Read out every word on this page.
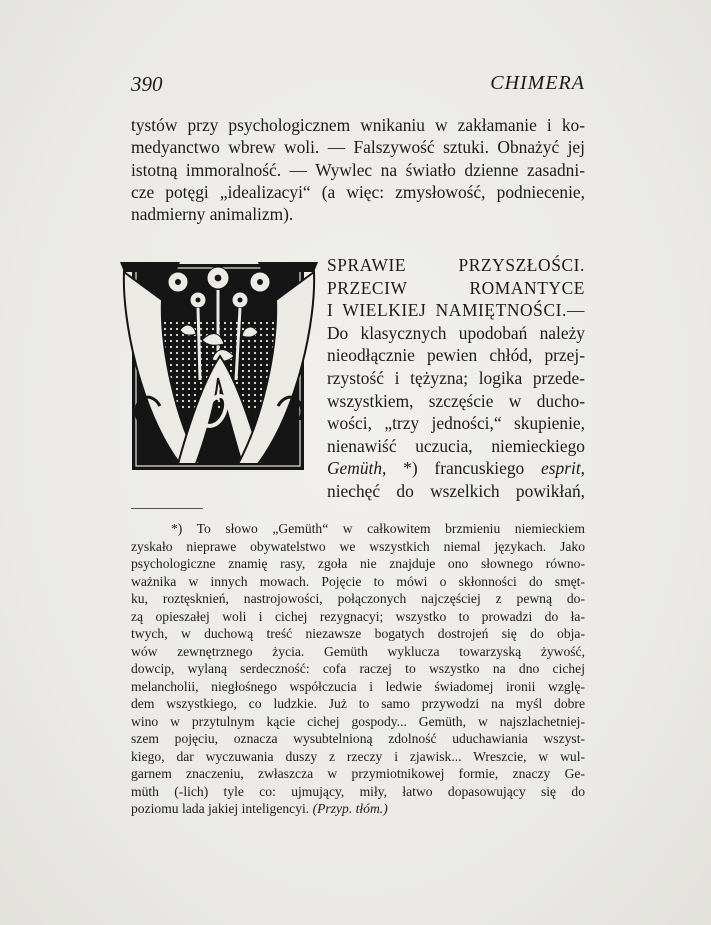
390	CHIMERA
tystów przy psychologicznem wnikaniu w zakłamanie i ko-
medyanctwo wbrew woli. — Falszywość sztuki. Obnażyć jej
istotną immoralność. — Wywlec na światło dzienne zasadni-
cze potęgi „idealizacyi“ (a więc: zmysłowość, podniecenie,
nadmierny animalizm).
SPRAWIE PRZYSZŁOŚCI.
PRZECIW ROMANTYCE
I WIELKIEJ NAMIĘTNOŚCI.—
Do klasycznych upodobań należy
nieodłącznie pewien chłód, przej-
rzystość i tężyzna; logika przede-
wszystkiem, szczęście w ducho-
wości, „trzy jedności,“ skupienie,
nienawiść uczucia, niemieckiego
Gemüth, *) francuskiego esprit,
niechęć do wszelkich powikłań,
*) To słowo „Gemüth“ w całkowitem brzmieniu niemieckiem
zyskało nieprawe obywatelstwo we wszystkich niemal językach. Jako
psychologiczne znamię rasy, zgoła nie znajduje ono słownego równo-
ważnika w innych mowach. Pojęcie to mówi o skłonności do smęt-
ku, roztęsknień, nastrojowości, połączonych najczęściej z pewną do-
zą opieszałej woli i cichej rezygnacyi; wszystko to prowadzi do ła-
twych, w duchową treść niezawsze bogatych dostrojeń się do obja-
wów zewnętrznego życia. Gemüth wyklucza towarzyską żywość,
dowcip, wylaną serdeczność: cofa raczej to wszystko na dno cichej
melancholii, niegłośnego współczucia i ledwie świadomej ironii wzglę-
dem wszystkiego, co ludzkie. Już to samo przywodzi na myśl dobre
wino w przytulnym kącie cichej gospody... Gemüth, w najszlachetniej-
szem pojęciu, oznacza wysubtelnioną zdolność uduchawiania wszyst-
kiego, dar wyczuwania duszy z rzeczy i zjawisk... Wreszcie, w wul-
garnem znaczeniu, zwłaszcza w przymiotnikowej formie, znaczy Ge-
müth (-lich) tyle co: ujmujący, miły, łatwo dopasowujący się do
poziomu lada jakiej inteligencyi. (Przyp. tłóm.)
